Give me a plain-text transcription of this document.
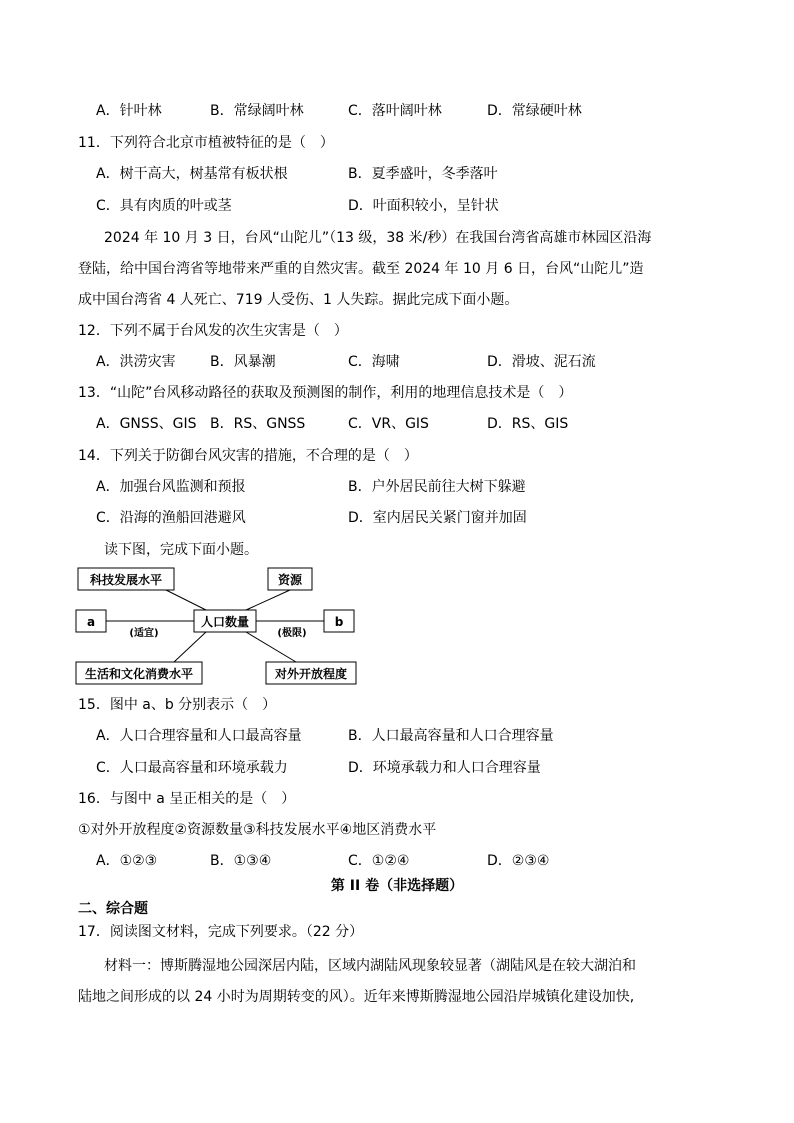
A．针叶林	B．常绿阔叶林	C．落叶阔叶林	D．常绿硬叶林
11．下列符合北京市植被特征的是（　）
A．树干高大，树基常有板状根	B．夏季盛叶，冬季落叶
C．具有肉质的叶或茎	D．叶面积较小，呈针状
2024 年 10 月 3 日，台风“山陀儿”（13 级，38 米/秒）在我国台湾省高雄市林园区沿海
登陆，给中国台湾省等地带来严重的自然灾害。截至 2024 年 10 月 6 日，台风“山陀儿”造
成中国台湾省 4 人死亡、719 人受伤、1 人失踪。据此完成下面小题。
12．下列不属于台风发的次生灾害是（　）
A．洪涝灾害 B．风暴潮	C．海啸	D．滑坡、泥石流
13．“山陀”台风移动路径的获取及预测图的制作，利用的地理信息技术是（　）
A．GNSS、GIS B．RS、GNSS	C．VR、GIS	D．RS、GIS
14．下列关于防御台风灾害的措施，不合理的是（　）
A．加强台风监测和预报	B．户外居民前往大树下躲避
C．沿海的渔船回港避风	D．室内居民关紧门窗并加固
读下图，完成下面小题。
科技发展水平	资源
人口数量
a	b
生活和文化消费水平	对外开放程度
(适宜)	(极限)
15．图中 a、b 分别表示（　）
A．人口合理容量和人口最高容量	B．人口最高容量和人口合理容量
C．人口最高容量和环境承载力	D．环境承载力和人口合理容量
16．与图中 a 呈正相关的是（　）
①对外开放程度②资源数量③科技发展水平④地区消费水平
A．①②③	B．①③④	C．①②④	D．②③④
第 II 卷（非选择题）
二、综合题
17．阅读图文材料，完成下列要求。（22 分）
材料一：博斯腾湿地公园深居内陆，区域内湖陆风现象较显著（湖陆风是在较大湖泊和
陆地之间形成的以 24 小时为周期转变的风）。近年来博斯腾湿地公园沿岸城镇化建设加快,
